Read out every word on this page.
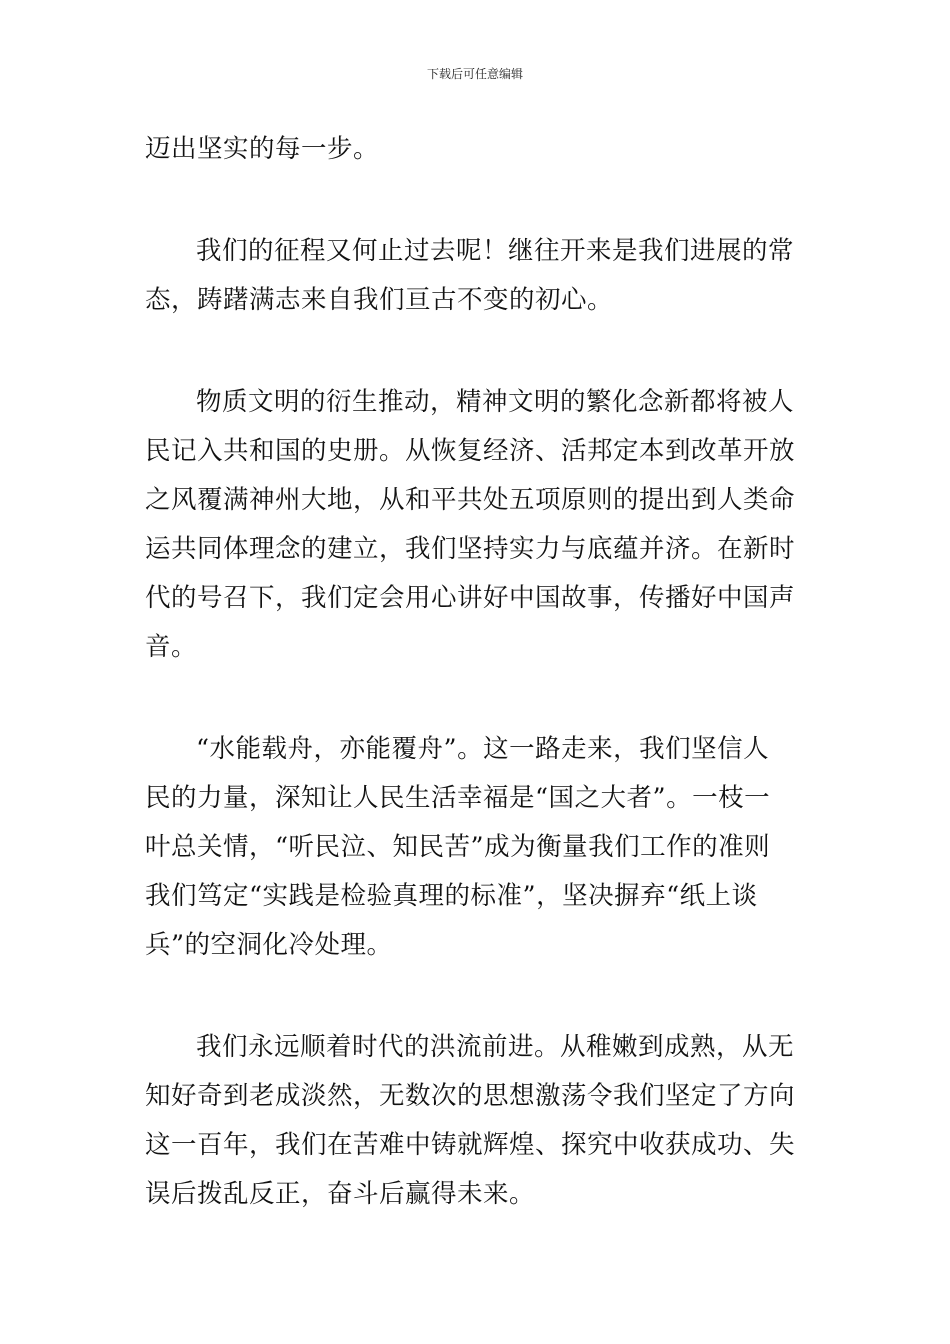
下载后可任意编辑

迈出坚实的每一步。

我们的征程又何止过去呢！继往开来是我们进展的常
态，踌躇满志来自我们亘古不变的初心。

物质文明的衍生推动，精神文明的繁化念新都将被人
民记入共和国的史册。从恢复经济、活邦定本到改革开放
之风覆满神州大地，从和平共处五项原则的提出到人类命
运共同体理念的建立，我们坚持实力与底蕴并济。在新时
代的号召下，我们定会用心讲好中国故事，传播好中国声
音。

“水能载舟，亦能覆舟”。这一路走来，我们坚信人
民的力量，深知让人民生活幸福是“国之大者”。一枝一
叶总关情，“听民泣、知民苦”成为衡量我们工作的准则
我们笃定“实践是检验真理的标准”，坚决摒弃“纸上谈
兵”的空洞化冷处理。

我们永远顺着时代的洪流前进。从稚嫩到成熟，从无
知好奇到老成淡然，无数次的思想激荡令我们坚定了方向
这一百年，我们在苦难中铸就辉煌、探究中收获成功、失
误后拨乱反正，奋斗后赢得未来。
